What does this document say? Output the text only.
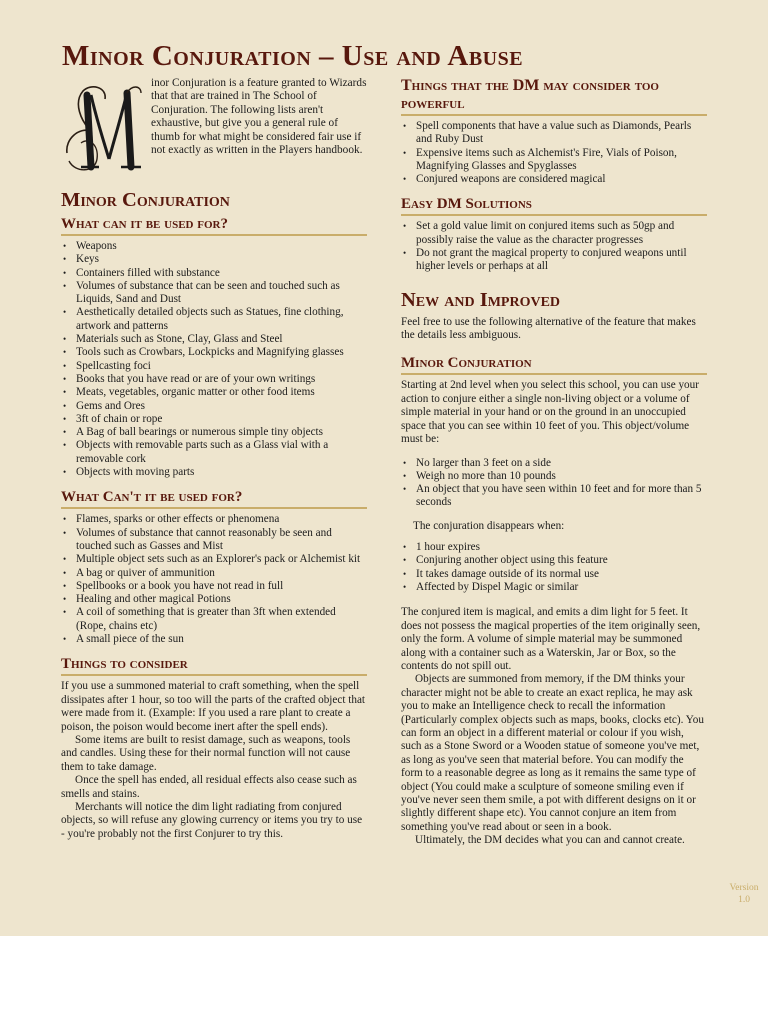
Minor Conjuration – Use and Abuse
M	inor Conjuration is a feature granted to Wizards that that are trained in The School of Conjuration. The following lists aren't exhaustive, but give you a general rule of thumb for what might be considered fair use if not exactly as written in the Players handbook.
Minor Conjuration
What can it be used for?
• Weapons
• Keys
• Containers filled with substance
• Volumes of substance that can be seen and touched such as Liquids, Sand and Dust
• Aesthetically detailed objects such as Statues, fine clothing, artwork and patterns
• Materials such as Stone, Clay, Glass and Steel
• Tools such as Crowbars, Lockpicks and Magnifying glasses
• Spellcasting foci
• Books that you have read or are of your own writings
• Meats, vegetables, organic matter or other food items
• Gems and Ores
• 3ft of chain or rope
• A Bag of ball bearings or numerous simple tiny objects
• Objects with removable parts such as a Glass vial with a removable cork
• Objects with moving parts
What Can't it be used for?
• Flames, sparks or other effects or phenomena
• Volumes of substance that cannot reasonably be seen and touched such as Gasses and Mist
• Multiple object sets such as an Explorer's pack or Alchemist kit
• A bag or quiver of ammunition
• Spellbooks or a book you have not read in full
• Healing and other magical Potions
• A coil of something that is greater than 3ft when extended (Rope, chains etc)
• A small piece of the sun
Things to consider

If you use a summoned material to craft something, when the spell dissipates after 1 hour, so too will the parts of the crafted object that were made from it. (Example: If you used a rare plant to create a poison, the poison would become inert after the spell ends).

Some items are built to resist damage, such as weapons, tools and candles. Using these for their normal function will not cause them to take damage.

Once the spell has ended, all residual effects also cease such as smells and stains.

Merchants will notice the dim light radiating from conjured objects, so will refuse any glowing currency or items you try to use - you're probably not the first Conjurer to try this.

Things that the DM may consider too powerful
• Spell components that have a value such as Diamonds, Pearls and Ruby Dust
• Expensive items such as Alchemist's Fire, Vials of Poison, Magnifying Glasses and Spyglasses
• Conjured weapons are considered magical
Easy DM Solutions
• Set a gold value limit on conjured items such as 50gp and possibly raise the value as the character progresses
• Do not grant the magical property to conjured weapons until higher levels or perhaps at all
New and Improved

Feel free to use the following alternative of the feature that makes the details less ambiguous.

Minor Conjuration

Starting at 2nd level when you select this school, you can use your action to conjure either a single non-living object or a volume of simple material in your hand or on the ground in an unoccupied space that you can see within 10 feet of you. This object/volume must be:

• No larger than 3 feet on a side
• Weigh no more than 10 pounds
• An object that you have seen within 10 feet and for more than 5 seconds

The conjuration disappears when:

• 1 hour expires
• Conjuring another object using this feature
• It takes damage outside of its normal use
• Affected by Dispel Magic or similar

The conjured item is magical, and emits a dim light for 5 feet. It does not possess the magical properties of the item originally seen, only the form. A volume of simple material may be summoned along with a container such as a Waterskin, Jar or Box, so the contents do not spill out.

Objects are summoned from memory, if the DM thinks your character might not be able to create an exact replica, he may ask you to make an Intelligence check to recall the information (Particularly complex objects such as maps, books, clocks etc). You can form an object in a different material or colour if you wish, such as a Stone Sword or a Wooden statue of someone you've met, as long as you've seen that material before. You can modify the form to a reasonable degree as long as it remains the same type of object (You could make a sculpture of someone smiling even if you've never seen them smile, a pot with different designs on it or slightly different shape etc). You cannot conjure an item from something you've read about or seen in a book.

Ultimately, the DM decides what you can and cannot create.

Version
1.0
